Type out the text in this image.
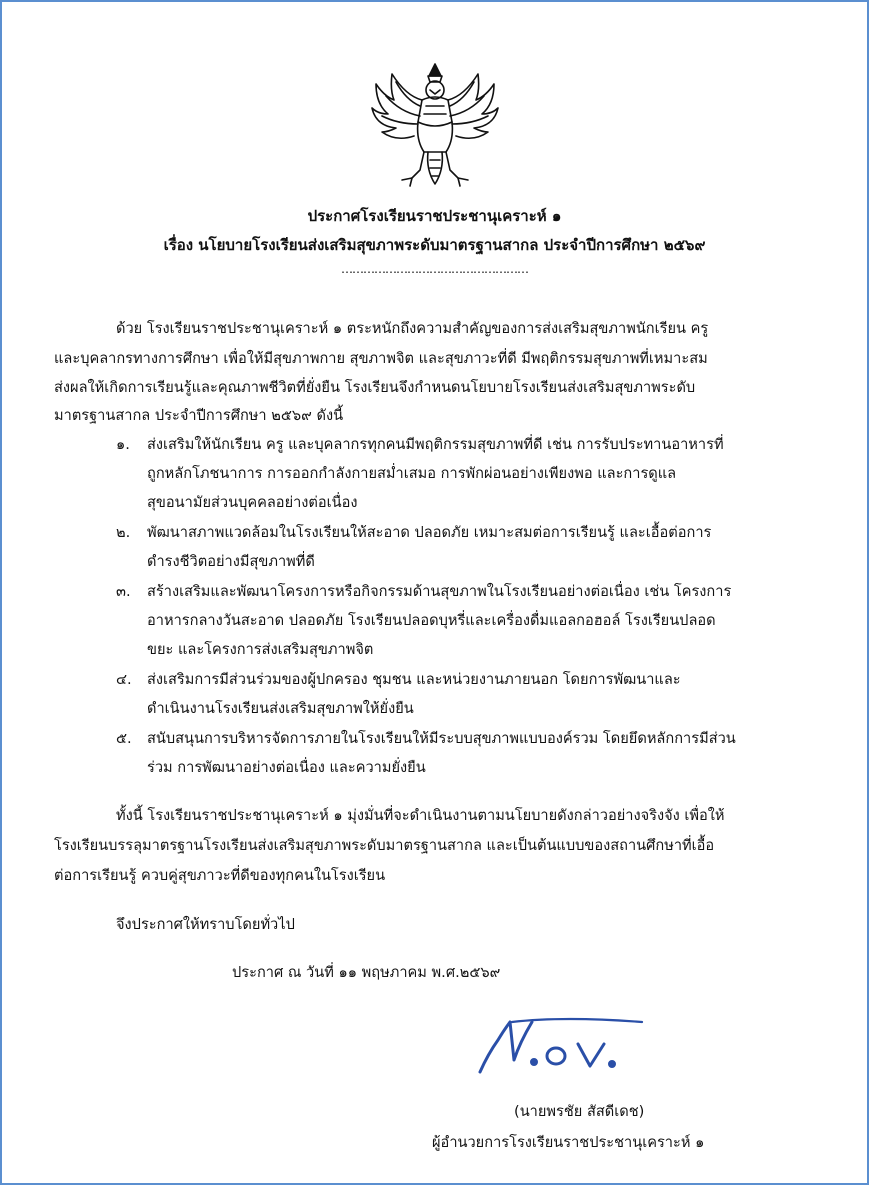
ประกาศโรงเรียนราชประชานุเคราะห์ ๑
เรื่อง นโยบายโรงเรียนส่งเสริมสุขภาพระดับมาตรฐานสากล ประจำปีการศึกษา ๒๕๖๙
……………………………………………
ด้วย โรงเรียนราชประชานุเคราะห์ ๑ ตระหนักถึงความสำคัญของการส่งเสริมสุขภาพนักเรียน ครู
และบุคลากรทางการศึกษา เพื่อให้มีสุขภาพกาย สุขภาพจิต และสุขภาวะที่ดี มีพฤติกรรมสุขภาพที่เหมาะสม
ส่งผลให้เกิดการเรียนรู้และคุณภาพชีวิตที่ยั่งยืน โรงเรียนจึงกำหนดนโยบายโรงเรียนส่งเสริมสุขภาพระดับ
มาตรฐานสากล ประจำปีการศึกษา ๒๕๖๙ ดังนี้
๑. ส่งเสริมให้นักเรียน ครู และบุคลากรทุกคนมีพฤติกรรมสุขภาพที่ดี เช่น การรับประทานอาหารที่
ถูกหลักโภชนาการ การออกกำลังกายสม่ำเสมอ การพักผ่อนอย่างเพียงพอ และการดูแล
สุขอนามัยส่วนบุคคลอย่างต่อเนื่อง
๒. พัฒนาสภาพแวดล้อมในโรงเรียนให้สะอาด ปลอดภัย เหมาะสมต่อการเรียนรู้ และเอื้อต่อการ
ดำรงชีวิตอย่างมีสุขภาพที่ดี
๓. สร้างเสริมและพัฒนาโครงการหรือกิจกรรมด้านสุขภาพในโรงเรียนอย่างต่อเนื่อง เช่น โครงการ
อาหารกลางวันสะอาด ปลอดภัย โรงเรียนปลอดบุหรี่และเครื่องดื่มแอลกอฮอล์ โรงเรียนปลอด
ขยะ และโครงการส่งเสริมสุขภาพจิต
๔. ส่งเสริมการมีส่วนร่วมของผู้ปกครอง ชุมชน และหน่วยงานภายนอก โดยการพัฒนาและ
ดำเนินงานโรงเรียนส่งเสริมสุขภาพให้ยั่งยืน
๕. สนับสนุนการบริหารจัดการภายในโรงเรียนให้มีระบบสุขภาพแบบองค์รวม โดยยึดหลักการมีส่วน
ร่วม การพัฒนาอย่างต่อเนื่อง และความยั่งยืน
ทั้งนี้ โรงเรียนราชประชานุเคราะห์ ๑ มุ่งมั่นที่จะดำเนินงานตามนโยบายดังกล่าวอย่างจริงจัง เพื่อให้
โรงเรียนบรรลุมาตรฐานโรงเรียนส่งเสริมสุขภาพระดับมาตรฐานสากล และเป็นต้นแบบของสถานศึกษาที่เอื้อ
ต่อการเรียนรู้ ควบคู่สุขภาวะที่ดีของทุกคนในโรงเรียน
จึงประกาศให้ทราบโดยทั่วไป
ประกาศ ณ วันที่ ๑๑ พฤษภาคม พ.ศ.๒๕๖๙
(นายพรชัย สัสดีเดช)
ผู้อำนวยการโรงเรียนราชประชานุเคราะห์ ๑
